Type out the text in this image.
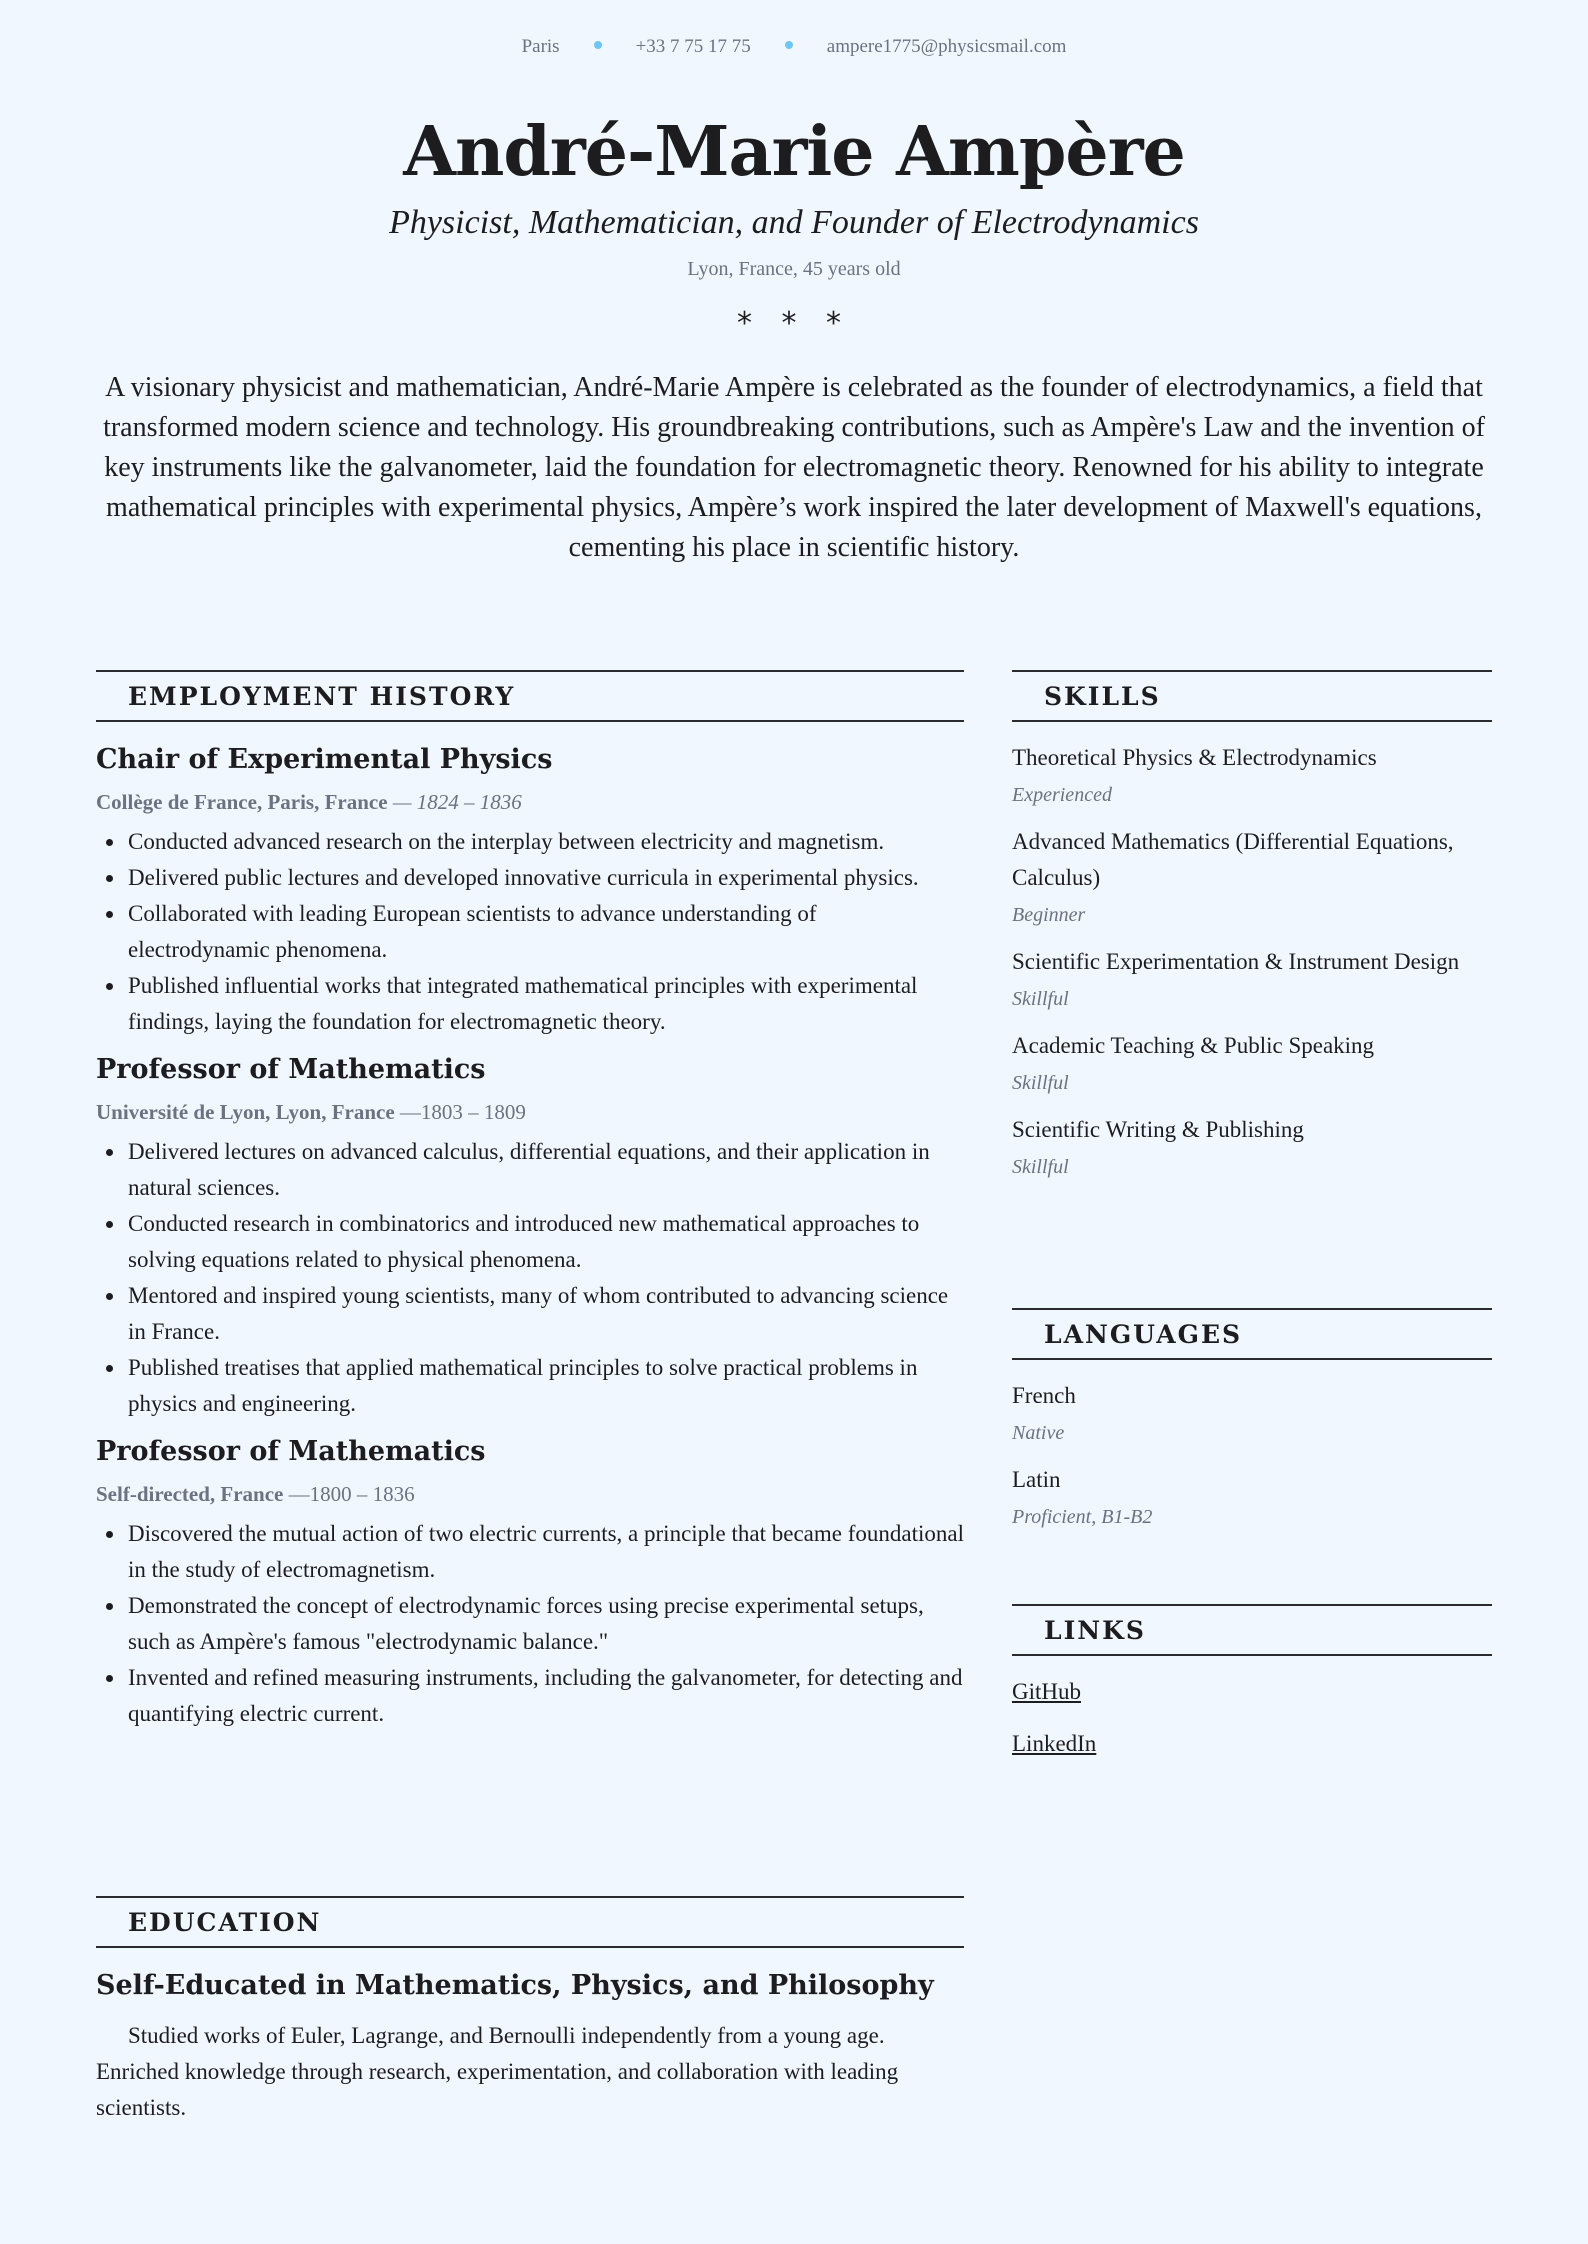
Paris	+33 7 75 17 75	ampere1775@physicsmail.com
André-Marie Ampère
Physicist, Mathematician, and Founder of Electrodynamics
Lyon, France, 45 years old
* * *
A visionary physicist and mathematician, André-Marie Ampère is celebrated as the founder of electrodynamics, a field that transformed modern science and technology. His groundbreaking contributions, such as Ampère's Law and the invention of key instruments like the galvanometer, laid the foundation for electromagnetic theory. Renowned for his ability to integrate mathematical principles with experimental physics, Ampère’s work inspired the later development of Maxwell's equations, cementing his place in scientific history.
EMPLOYMENT HISTORY
Chair of Experimental Physics
Collège de France, Paris, France — 1824 – 1836
Conducted advanced research on the interplay between electricity and magnetism.
Delivered public lectures and developed innovative curricula in experimental physics.
Collaborated with leading European scientists to advance understanding of electrodynamic phenomena.
Published influential works that integrated mathematical principles with experimental findings, laying the foundation for electromagnetic theory.
Professor of Mathematics
Université de Lyon, Lyon, France —1803 – 1809
Delivered lectures on advanced calculus, differential equations, and their application in natural sciences.
Conducted research in combinatorics and introduced new mathematical approaches to solving equations related to physical phenomena.
Mentored and inspired young scientists, many of whom contributed to advancing science in France.
Published treatises that applied mathematical principles to solve practical problems in physics and engineering.
Professor of Mathematics
Self-directed, France —1800 – 1836
Discovered the mutual action of two electric currents, a principle that became foundational in the study of electromagnetism.
Demonstrated the concept of electrodynamic forces using precise experimental setups, such as Ampère's famous "electrodynamic balance."
Invented and refined measuring instruments, including the galvanometer, for detecting and quantifying electric current.
EDUCATION
Self-Educated in Mathematics, Physics, and Philosophy
Studied works of Euler, Lagrange, and Bernoulli independently from a young age. Enriched knowledge through research, experimentation, and collaboration with leading scientists.
SKILLS
Theoretical Physics & Electrodynamics
Experienced
Advanced Mathematics (Differential Equations, Calculus)
Beginner
Scientific Experimentation & Instrument Design
Skillful
Academic Teaching & Public Speaking
Skillful
Scientific Writing & Publishing
Skillful
LANGUAGES
French
Native
Latin
Proficient, B1-B2
LINKS
GitHub
LinkedIn
